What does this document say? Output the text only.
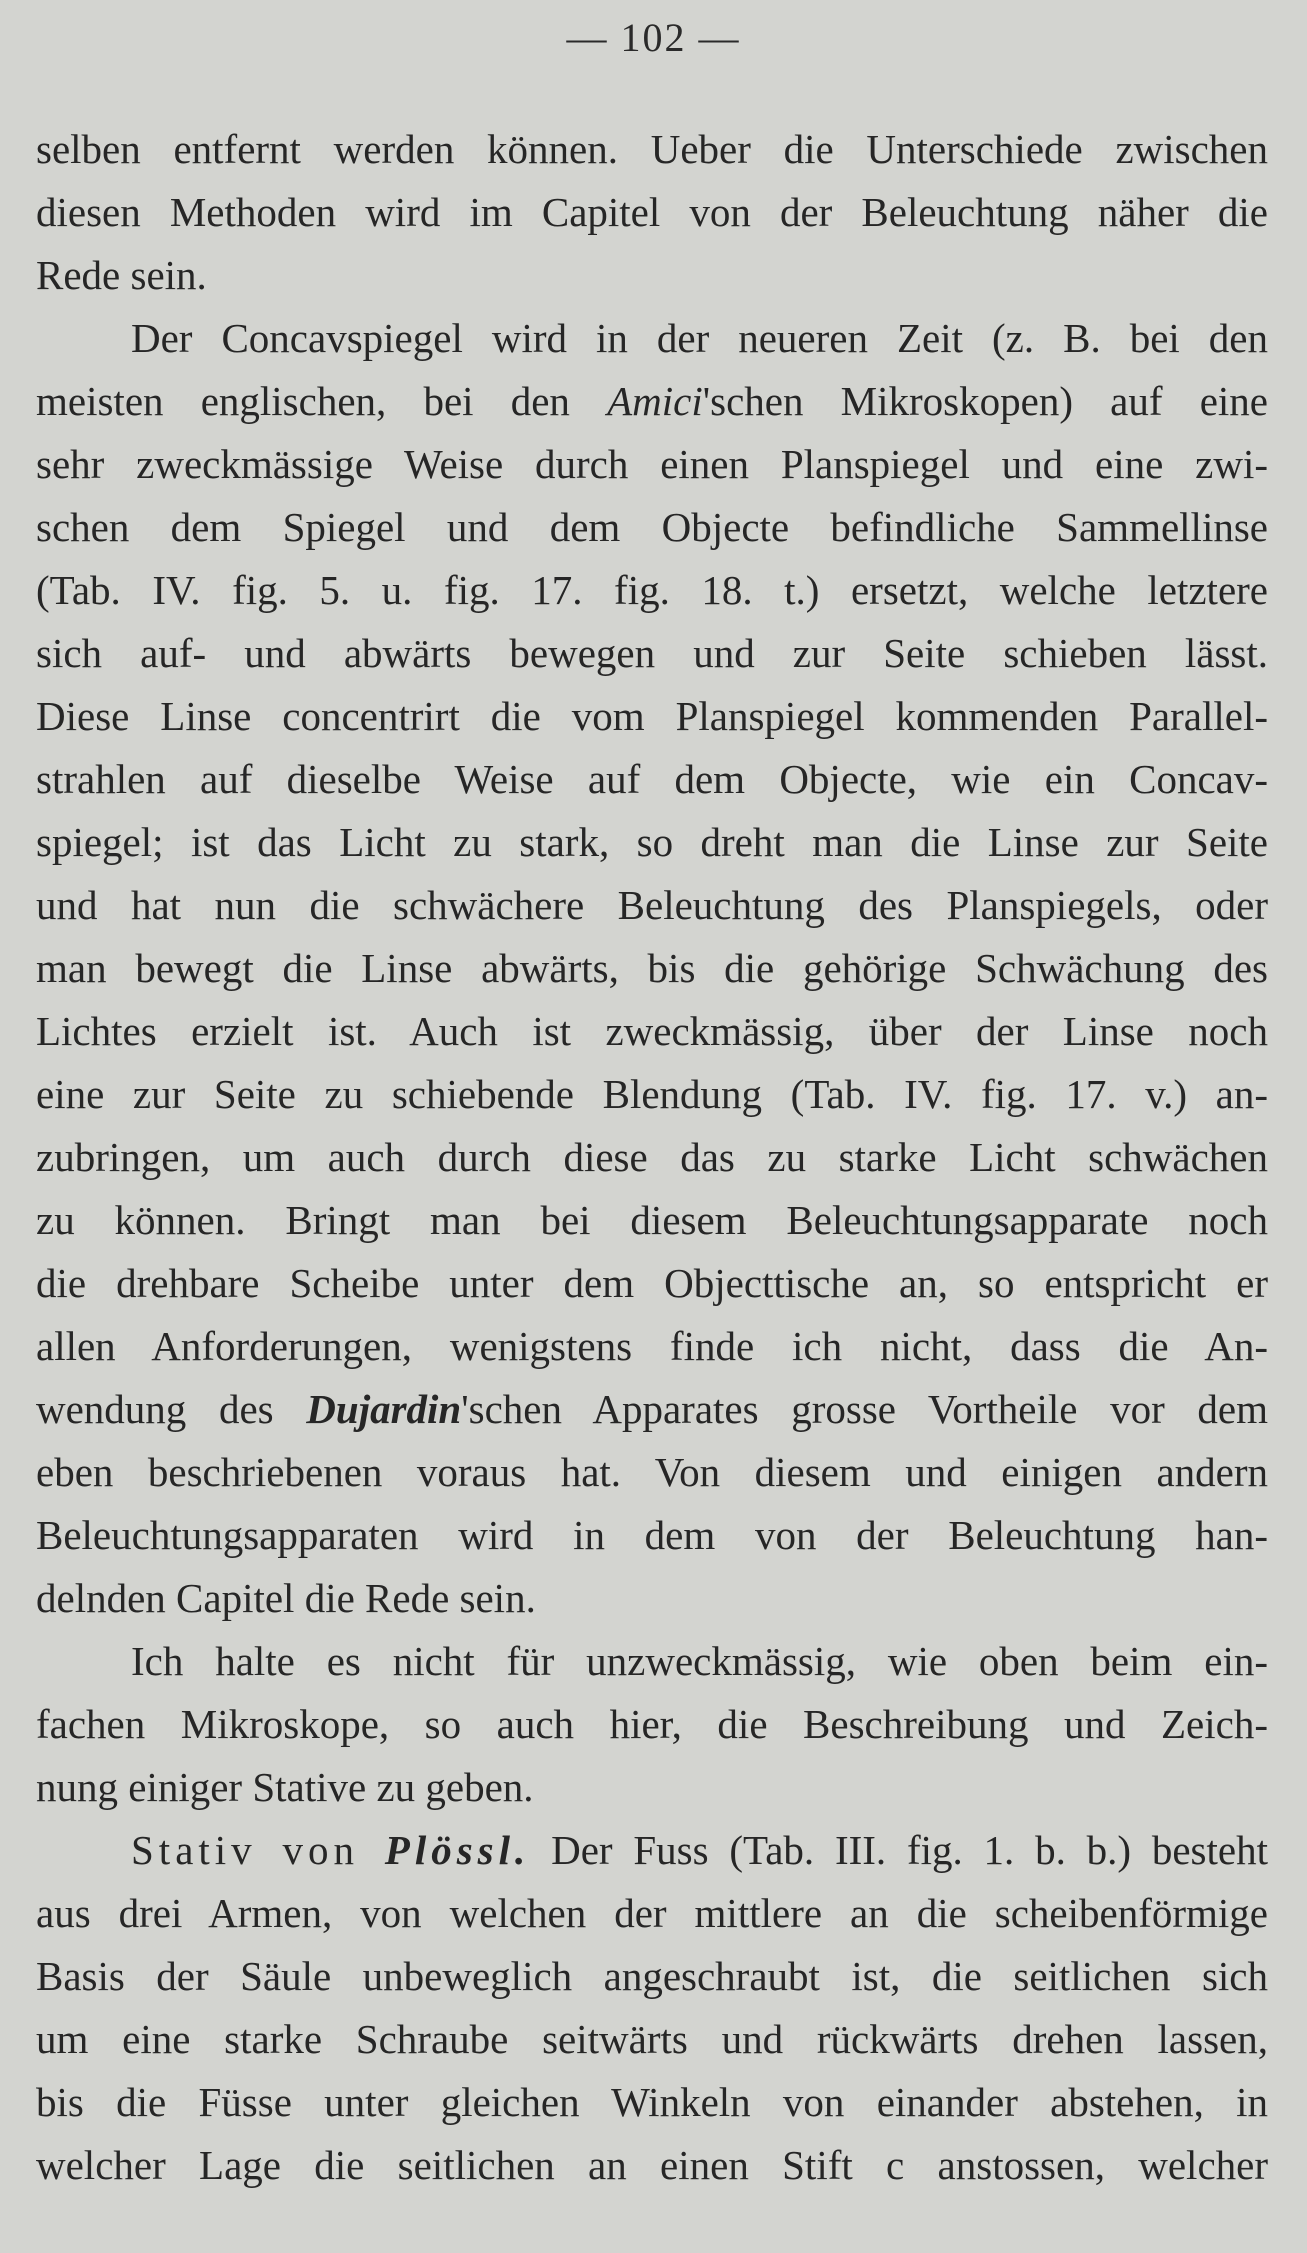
— 102 —
selben entfernt werden können. Ueber die Unterschiede zwischen
diesen Methoden wird im Capitel von der Beleuchtung näher die
Rede sein.
Der Concavspiegel wird in der neueren Zeit (z. B. bei den
meisten englischen, bei den Amici'schen Mikroskopen) auf eine
sehr zweckmässige Weise durch einen Planspiegel und eine zwi-
schen dem Spiegel und dem Objecte befindliche Sammellinse
(Tab. IV. fig. 5. u. fig. 17. fig. 18. t.) ersetzt, welche letztere
sich auf- und abwärts bewegen und zur Seite schieben lässt.
Diese Linse concentrirt die vom Planspiegel kommenden Parallel-
strahlen auf dieselbe Weise auf dem Objecte, wie ein Concav-
spiegel; ist das Licht zu stark, so dreht man die Linse zur Seite
und hat nun die schwächere Beleuchtung des Planspiegels, oder
man bewegt die Linse abwärts, bis die gehörige Schwächung des
Lichtes erzielt ist. Auch ist zweckmässig, über der Linse noch
eine zur Seite zu schiebende Blendung (Tab. IV. fig. 17. v.) an-
zubringen, um auch durch diese das zu starke Licht schwächen
zu können. Bringt man bei diesem Beleuchtungsapparate noch
die drehbare Scheibe unter dem Objecttische an, so entspricht er
allen Anforderungen, wenigstens finde ich nicht, dass die An-
wendung des Dujardin'schen Apparates grosse Vortheile vor dem
eben beschriebenen voraus hat. Von diesem und einigen andern
Beleuchtungsapparaten wird in dem von der Beleuchtung han-
delnden Capitel die Rede sein.
Ich halte es nicht für unzweckmässig, wie oben beim ein-
fachen Mikroskope, so auch hier, die Beschreibung und Zeich-
nung einiger Stative zu geben.
Stativ von Plössl. Der Fuss (Tab. III. fig. 1. b. b.) besteht
aus drei Armen, von welchen der mittlere an die scheibenförmige
Basis der Säule unbeweglich angeschraubt ist, die seitlichen sich
um eine starke Schraube seitwärts und rückwärts drehen lassen,
bis die Füsse unter gleichen Winkeln von einander abstehen, in
welcher Lage die seitlichen an einen Stift c anstossen, welcher
